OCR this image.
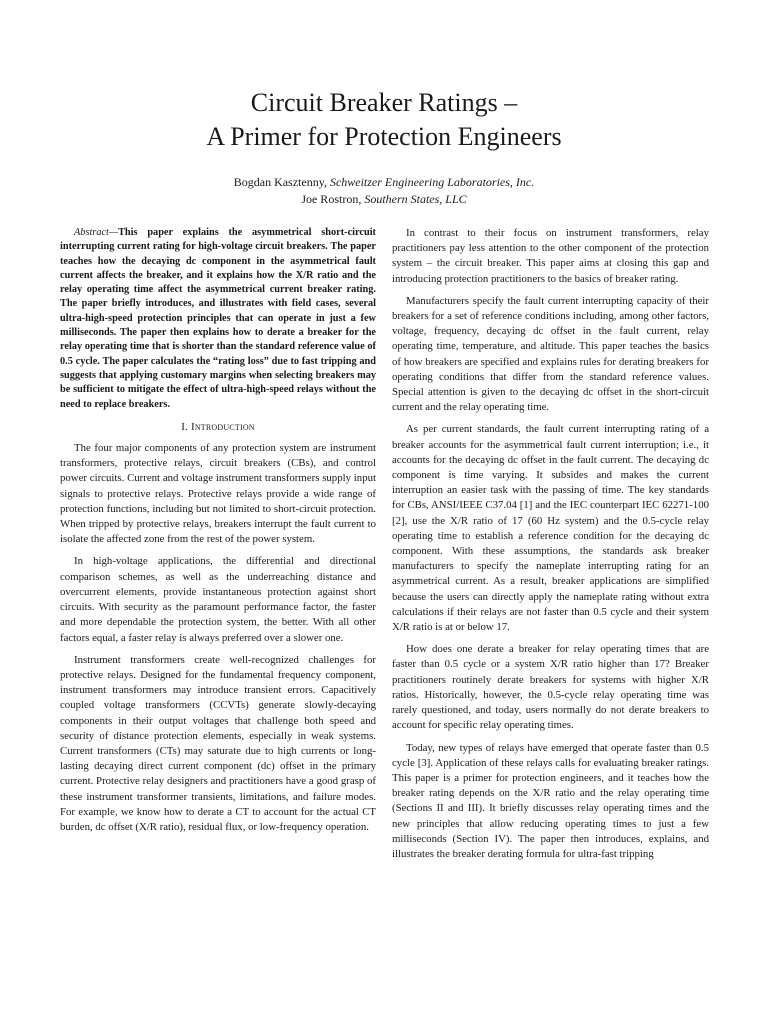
Circuit Breaker Ratings –
A Primer for Protection Engineers
Bogdan Kasztenny, Schweitzer Engineering Laboratories, Inc.
Joe Rostron, Southern States, LLC

Abstract—This paper explains the asymmetrical short-circuit interrupting current rating for high-voltage circuit breakers. The paper teaches how the decaying dc component in the asymmetrical fault current affects the breaker, and it explains how the X/R ratio and the relay operating time affect the asymmetrical current breaker rating. The paper briefly introduces, and illustrates with field cases, several ultra-high-speed protection principles that can operate in just a few milliseconds. The paper then explains how to derate a breaker for the relay operating time that is shorter than the standard reference value of 0.5 cycle. The paper calculates the “rating loss” due to fast tripping and suggests that applying customary margins when selecting breakers may be sufficient to mitigate the effect of ultra-high-speed relays without the need to replace breakers.

I. Introduction

The four major components of any protection system are instrument transformers, protective relays, circuit breakers (CBs), and control power circuits. Current and voltage instrument transformers supply input signals to protective relays. Protective relays provide a wide range of protection functions, including but not limited to short-circuit protection. When tripped by protective relays, breakers interrupt the fault current to isolate the affected zone from the rest of the power system.

In high-voltage applications, the differential and directional comparison schemes, as well as the underreaching distance and overcurrent elements, provide instantaneous protection against short circuits. With security as the paramount performance factor, the faster and more dependable the protection system, the better. With all other factors equal, a faster relay is always preferred over a slower one.

Instrument transformers create well-recognized challenges for protective relays. Designed for the fundamental frequency component, instrument transformers may introduce transient errors. Capacitively coupled voltage transformers (CCVTs) generate slowly-decaying components in their output voltages that challenge both speed and security of distance protection elements, especially in weak systems. Current transformers (CTs) may saturate due to high currents or long-lasting decaying direct current component (dc) offset in the primary current. Protective relay designers and practitioners have a good grasp of these instrument transformer transients, limitations, and failure modes. For example, we know how to derate a CT to account for the actual CT burden, dc offset (X/R ratio), residual flux, or low-frequency operation.

In contrast to their focus on instrument transformers, relay practitioners pay less attention to the other component of the protection system – the circuit breaker. This paper aims at closing this gap and introducing protection practitioners to the basics of breaker rating.

Manufacturers specify the fault current interrupting capacity of their breakers for a set of reference conditions including, among other factors, voltage, frequency, decaying dc offset in the fault current, relay operating time, temperature, and altitude. This paper teaches the basics of how breakers are specified and explains rules for derating breakers for operating conditions that differ from the standard reference values. Special attention is given to the decaying dc offset in the short-circuit current and the relay operating time.

As per current standards, the fault current interrupting rating of a breaker accounts for the asymmetrical fault current interruption; i.e., it accounts for the decaying dc offset in the fault current. The decaying dc component is time varying. It subsides and makes the current interruption an easier task with the passing of time. The key standards for CBs, ANSI/IEEE C37.04 [1] and the IEC counterpart IEC 62271-100 [2], use the X/R ratio of 17 (60 Hz system) and the 0.5-cycle relay operating time to establish a reference condition for the decaying dc component. With these assumptions, the standards ask breaker manufacturers to specify the nameplate interrupting rating for an asymmetrical current. As a result, breaker applications are simplified because the users can directly apply the nameplate rating without extra calculations if their relays are not faster than 0.5 cycle and their system X/R ratio is at or below 17.

How does one derate a breaker for relay operating times that are faster than 0.5 cycle or a system X/R ratio higher than 17? Breaker practitioners routinely derate breakers for systems with higher X/R ratios. Historically, however, the 0.5-cycle relay operating time was rarely questioned, and today, users normally do not derate breakers to account for specific relay operating times.

Today, new types of relays have emerged that operate faster than 0.5 cycle [3]. Application of these relays calls for evaluating breaker ratings. This paper is a primer for protection engineers, and it teaches how the breaker rating depends on the X/R ratio and the relay operating time (Sections II and III). It briefly discusses relay operating times and the new principles that allow reducing operating times to just a few milliseconds (Section IV). The paper then introduces, explains, and illustrates the breaker derating formula for ultra-fast tripping
